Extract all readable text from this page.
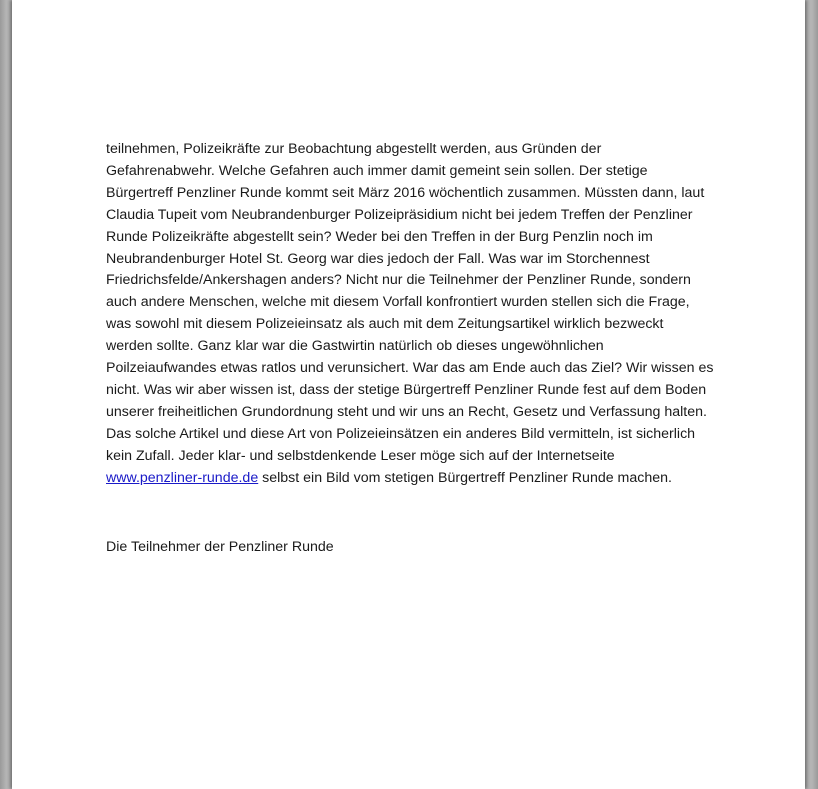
teilnehmen, Polizeikräfte zur Beobachtung abgestellt werden, aus Gründen der
Gefahrenabwehr. Welche Gefahren auch immer damit gemeint sein sollen. Der stetige
Bürgertreff Penzliner Runde kommt seit März 2016 wöchentlich zusammen. Müssten dann, laut
Claudia Tupeit vom Neubrandenburger Polizeipräsidium nicht bei jedem Treffen der Penzliner
Runde Polizeikräfte abgestellt sein? Weder bei den Treffen in der Burg Penzlin noch im
Neubrandenburger Hotel St. Georg war dies jedoch der Fall. Was war im Storchennest
Friedrichsfelde/Ankershagen anders? Nicht nur die Teilnehmer der Penzliner Runde, sondern
auch andere Menschen, welche mit diesem Vorfall konfrontiert wurden stellen sich die Frage,
was sowohl mit diesem Polizeieinsatz als auch mit dem Zeitungsartikel wirklich bezweckt
werden sollte. Ganz klar war die Gastwirtin natürlich ob dieses ungewöhnlichen
Poilzeiaufwandes etwas ratlos und verunsichert. War das am Ende auch das Ziel? Wir wissen es
nicht. Was wir aber wissen ist, dass der stetige Bürgertreff Penzliner Runde fest auf dem Boden
unserer freiheitlichen Grundordnung steht und wir uns an Recht, Gesetz und Verfassung halten.
Das solche Artikel und diese Art von Polizeieinsätzen ein anderes Bild vermitteln, ist sicherlich
kein Zufall. Jeder klar- und selbstdenkende Leser möge sich auf der Internetseite
www.penzliner-runde.de selbst ein Bild vom stetigen Bürgertreff Penzliner Runde machen.

Die Teilnehmer der Penzliner Runde
